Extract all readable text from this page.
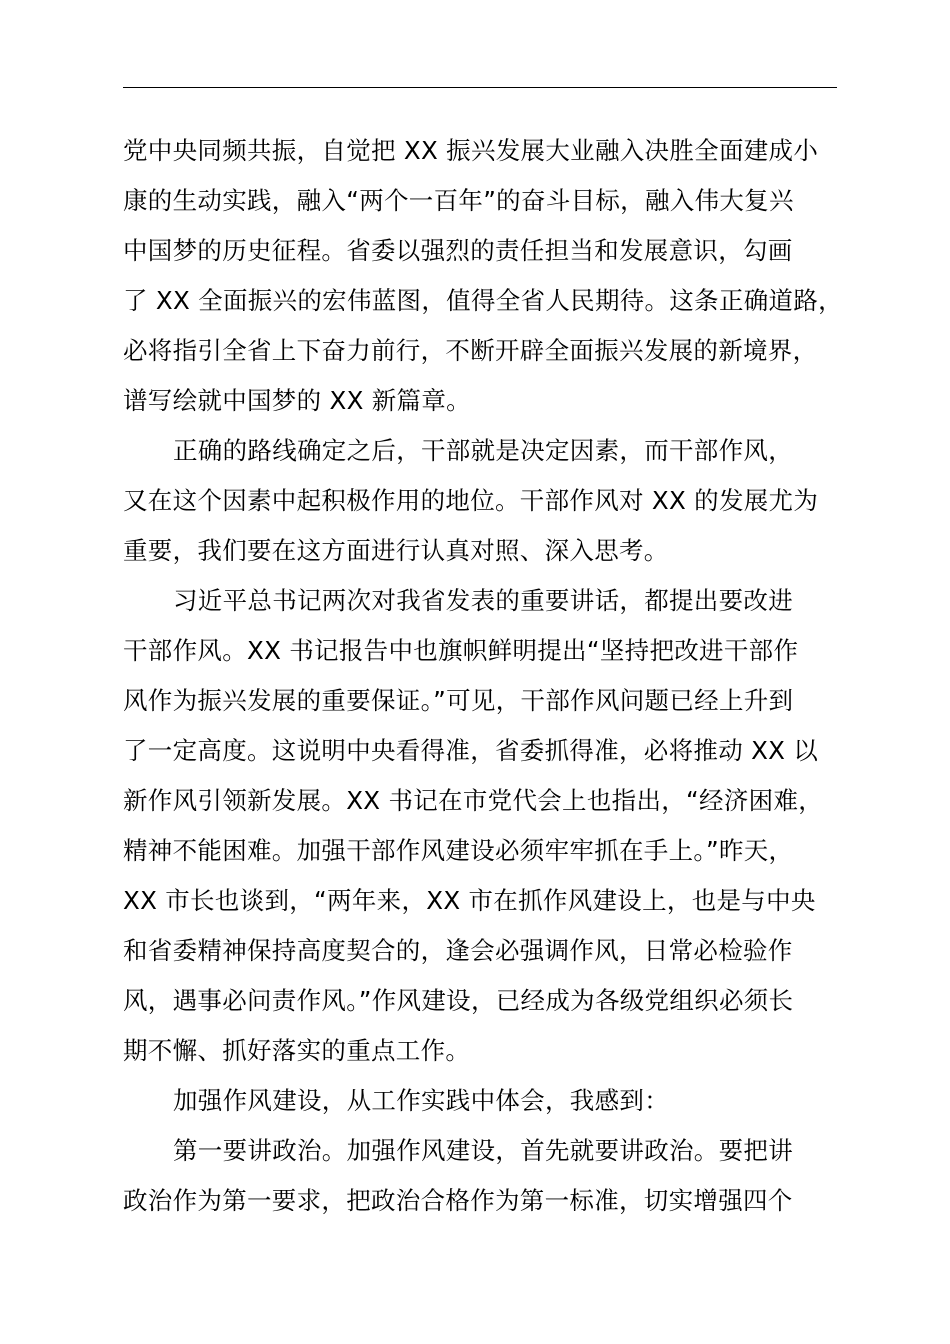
党中央同频共振，自觉把 XX 振兴发展大业融入决胜全面建成小
康的生动实践，融入“两个一百年”的奋斗目标，融入伟大复兴
中国梦的历史征程。省委以强烈的责任担当和发展意识，勾画
了 XX 全面振兴的宏伟蓝图，值得全省人民期待。这条正确道路，
必将指引全省上下奋力前行，不断开辟全面振兴发展的新境界，
谱写绘就中国梦的 XX 新篇章。
正确的路线确定之后，干部就是决定因素，而干部作风，
又在这个因素中起积极作用的地位。干部作风对 XX 的发展尤为
重要，我们要在这方面进行认真对照、深入思考。
习近平总书记两次对我省发表的重要讲话，都提出要改进
干部作风。XX 书记报告中也旗帜鲜明提出“坚持把改进干部作
风作为振兴发展的重要保证。”可见，干部作风问题已经上升到
了一定高度。这说明中央看得准，省委抓得准，必将推动 XX 以
新作风引领新发展。XX 书记在市党代会上也指出，“经济困难，
精神不能困难。加强干部作风建设必须牢牢抓在手上。”昨天，
XX 市长也谈到，“两年来，XX 市在抓作风建设上，也是与中央
和省委精神保持高度契合的，逢会必强调作风，日常必检验作
风，遇事必问责作风。”作风建设，已经成为各级党组织必须长
期不懈、抓好落实的重点工作。
加强作风建设，从工作实践中体会，我感到：
第一要讲政治。加强作风建设，首先就要讲政治。要把讲
政治作为第一要求，把政治合格作为第一标准，切实增强四个
